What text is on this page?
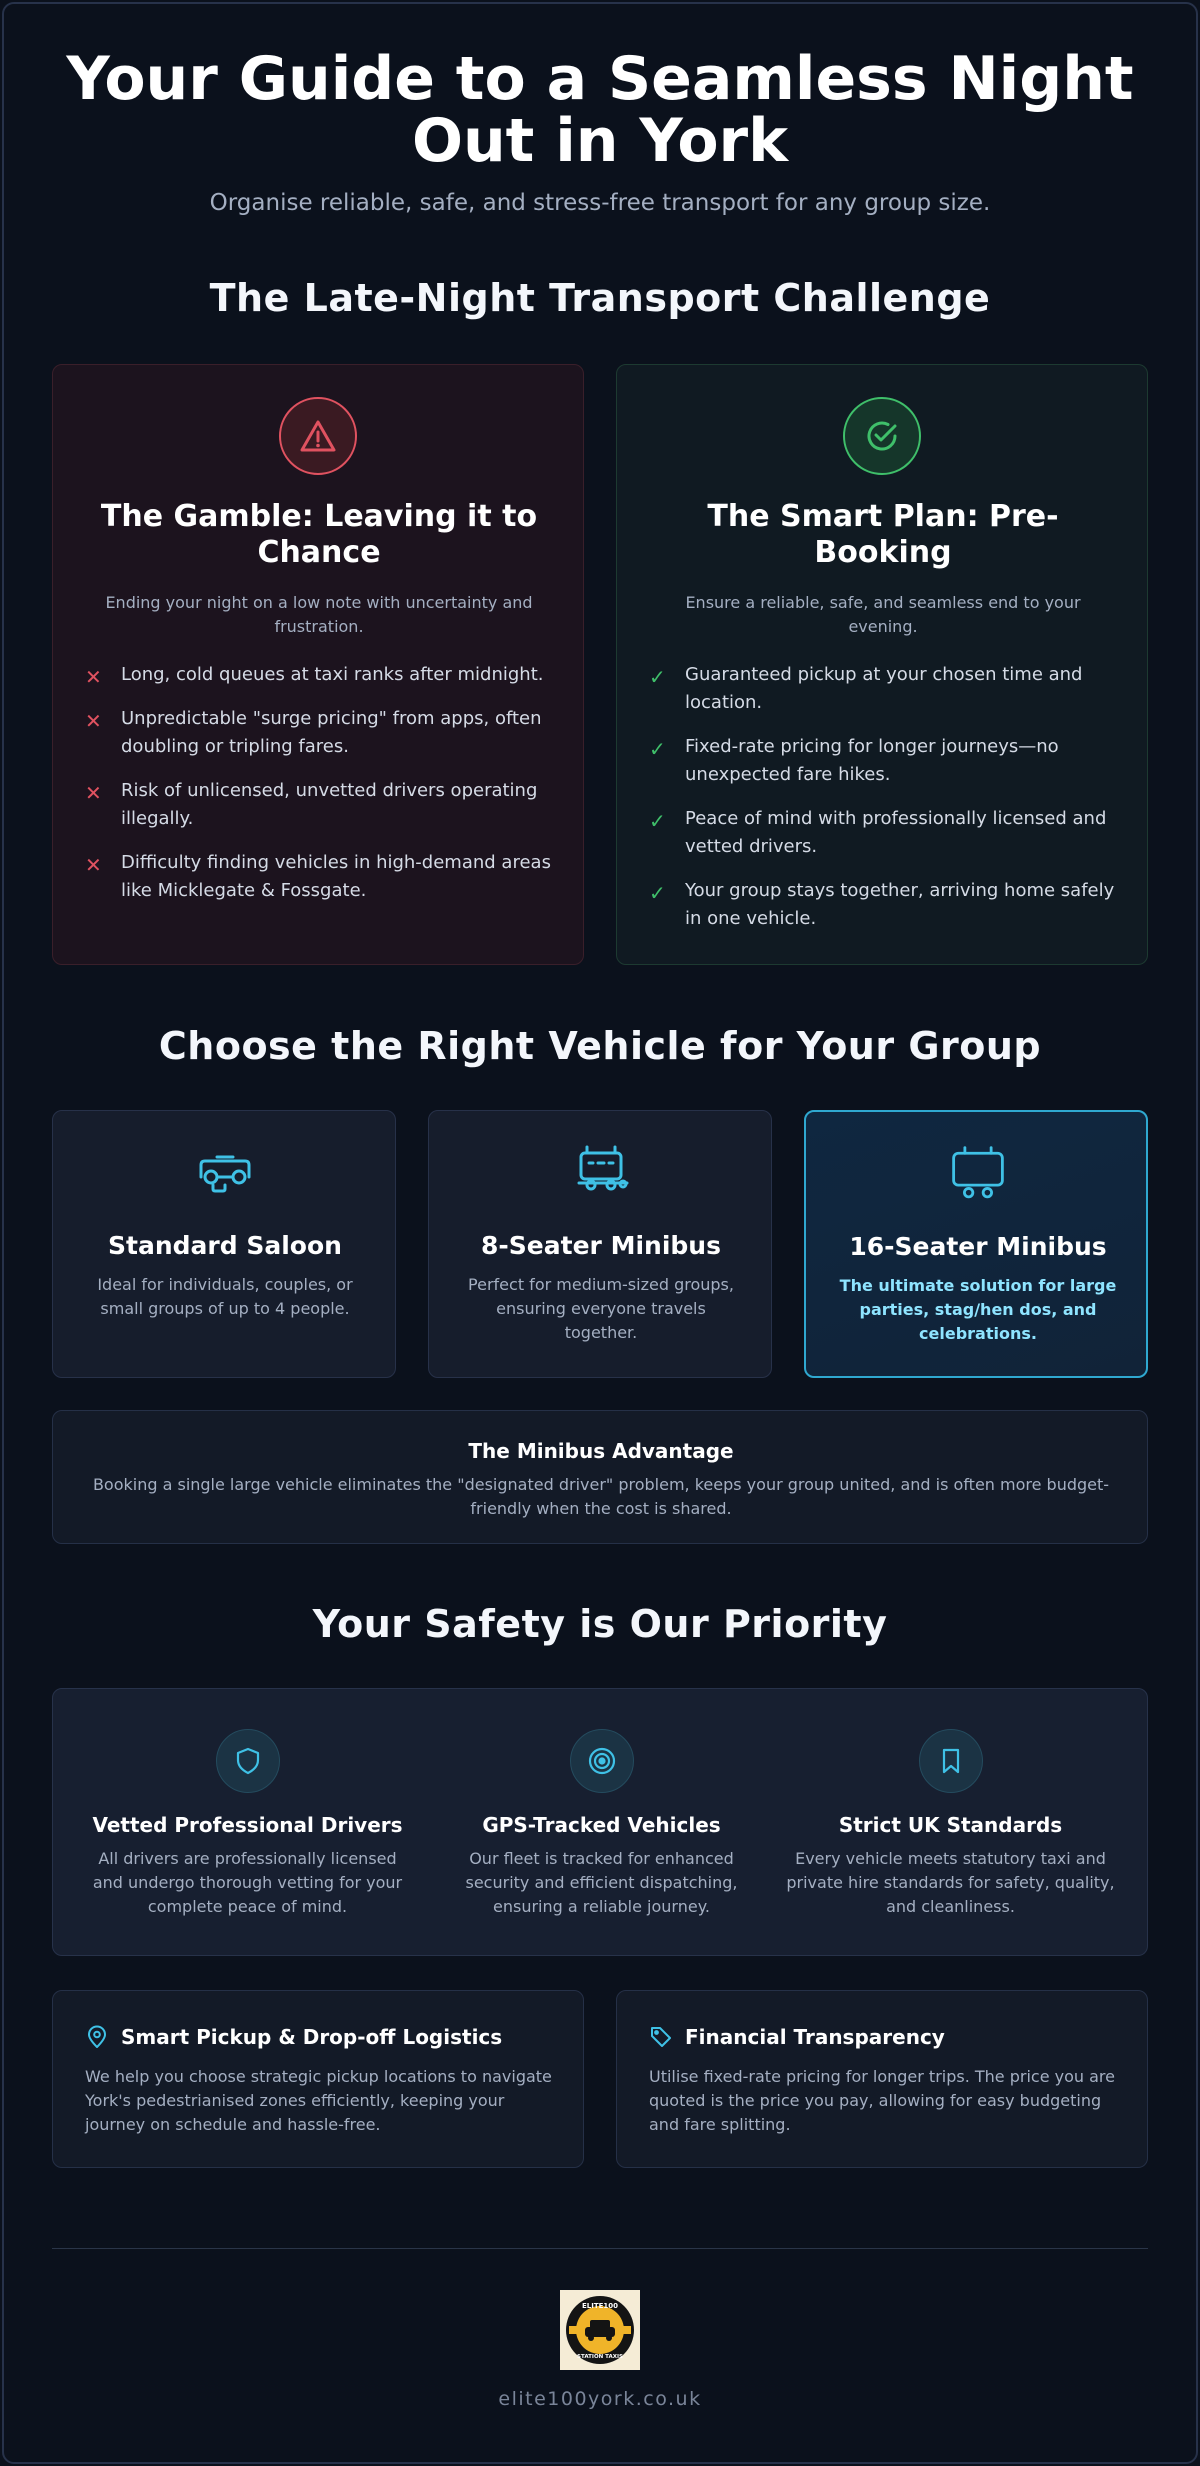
Your Guide to a Seamless Night Out in York

Organise reliable, safe, and stress-free transport for any group size.

The Late-Night Transport Challenge
The Gamble: Leaving it to Chance

Ending your night on a low note with uncertainty and frustration.

✕ Long, cold queues at taxi ranks after midnight.
✕ Unpredictable "surge pricing" from apps, often doubling or tripling fares.
✕ Risk of unlicensed, unvetted drivers operating illegally.
✕ Difficulty finding vehicles in high-demand areas like Micklegate & Fossgate.
The Smart Plan: Pre-Booking

Ensure a reliable, safe, and seamless end to your evening.

✓ Guaranteed pickup at your chosen time and location.
✓ Fixed-rate pricing for longer journeys—no unexpected fare hikes.
✓ Peace of mind with professionally licensed and vetted drivers.
✓ Your group stays together, arriving home safely in one vehicle.
Choose the Right Vehicle for Your Group
Standard Saloon

Ideal for individuals, couples, or small groups of up to 4 people.

8-Seater Minibus

Perfect for medium-sized groups, ensuring everyone travels together.

16-Seater Minibus

The ultimate solution for large parties, stag/hen dos, and celebrations.

The Minibus Advantage

Booking a single large vehicle eliminates the "designated driver" problem, keeps your group united, and is often more budget-friendly when the cost is shared.

Your Safety is Our Priority
Vetted Professional Drivers

All drivers are professionally licensed and undergo thorough vetting for your complete peace of mind.

GPS-Tracked Vehicles

Our fleet is tracked for enhanced security and efficient dispatching, ensuring a reliable journey.

Strict UK Standards

Every vehicle meets statutory taxi and private hire standards for safety, quality, and cleanliness.

Smart Pickup & Drop-off Logistics

We help you choose strategic pickup locations to navigate York's pedestrianised zones efficiently, keeping your journey on schedule and hassle-free.

Financial Transparency

Utilise fixed-rate pricing for longer trips. The price you are quoted is the price you pay, allowing for easy budgeting and fare splitting.

ELITE100
STATION TAXIS
elite100york.co.uk
